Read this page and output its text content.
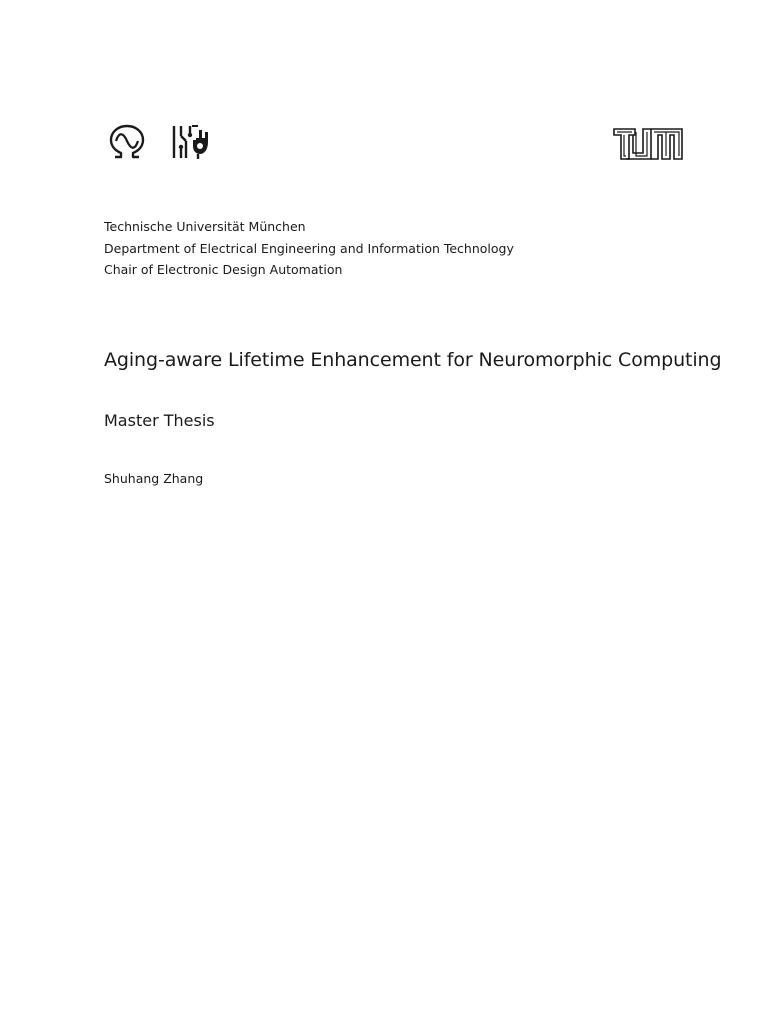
Technische Universität München
Department of Electrical Engineering and Information Technology
Chair of Electronic Design Automation
Aging-aware Lifetime Enhancement for Neuromorphic Computing
Master Thesis
Shuhang Zhang
